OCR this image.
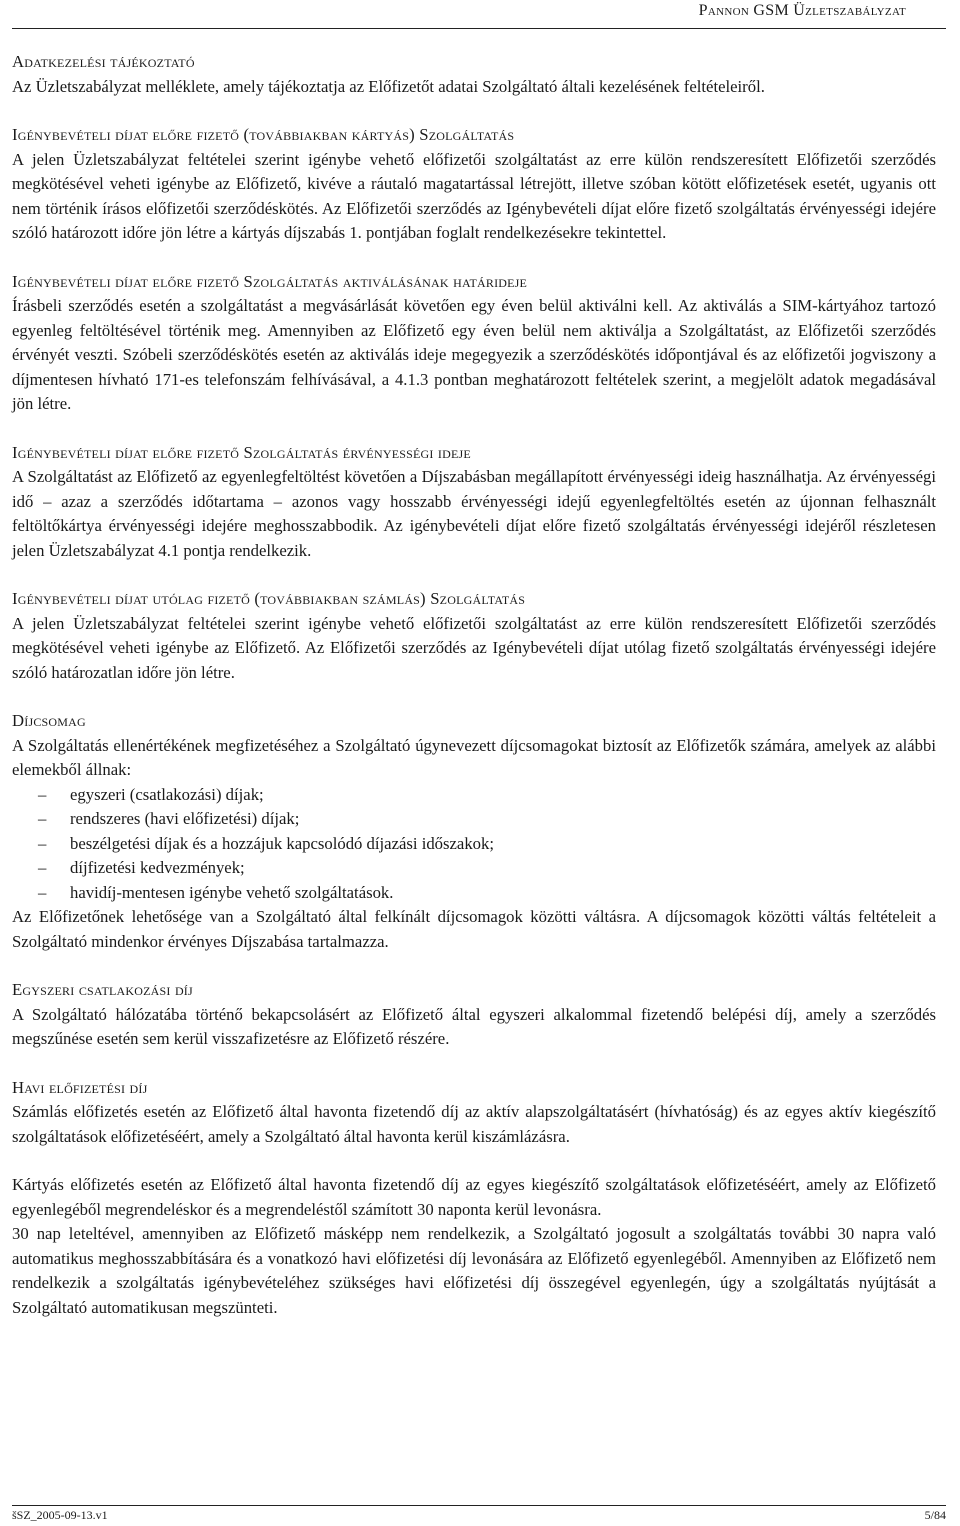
Pannon GSM Üzletszabályzat
Adatkezelési tájékoztató
Az Üzletszabályzat melléklete, amely tájékoztatja az Előfizetőt adatai Szolgáltató általi kezelésének feltételeiről.
Igénybevételi díjat előre fizető (továbbiakban kártyás) Szolgáltatás
A jelen Üzletszabályzat feltételei szerint igénybe vehető előfizetői szolgáltatást az erre külön rendszeresített Előfizetői szerződés megkötésével veheti igénybe az Előfizető, kivéve a ráutaló magatartással létrejött, illetve szóban kötött előfizetések esetét, ugyanis ott nem történik írásos előfizetői szerződéskötés. Az Előfizetői szerződés az Igénybevételi díjat előre fizető szolgáltatás érvényességi idejére szóló határozott időre jön létre a kártyás díjszabás 1. pontjában foglalt rendelkezésekre tekintettel.
Igénybevételi díjat előre fizető Szolgáltatás aktiválásának határideje
Írásbeli szerződés esetén a szolgáltatást a megvásárlását követően egy éven belül aktiválni kell. Az aktiválás a SIM-kártyához tartozó egyenleg feltöltésével történik meg. Amennyiben az Előfizető egy éven belül nem aktiválja a Szolgáltatást, az Előfizetői szerződés érvényét veszti. Szóbeli szerződéskötés esetén az aktiválás ideje megegyezik a szerződéskötés időpontjával és az előfizetői jogviszony a díjmentesen hívható 171-es telefonszám felhívásával, a 4.1.3 pontban meghatározott feltételek szerint, a megjelölt adatok megadásával jön létre.
Igénybevételi díjat előre fizető Szolgáltatás érvényességi ideje
A Szolgáltatást az Előfizető az egyenlegfeltöltést követően a Díjszabásban megállapított érvényességi ideig használhatja. Az érvényességi idő – azaz a szerződés időtartama – azonos vagy hosszabb érvényességi idejű egyenlegfeltöltés esetén az újonnan felhasznált feltöltőkártya érvényességi idejére meghosszabbodik. Az igénybevételi díjat előre fizető szolgáltatás érvényességi idejéről részletesen jelen Üzletszabályzat 4.1 pontja rendelkezik.
Igénybevételi díjat utólag fizető (továbbiakban számlás) Szolgáltatás
A jelen Üzletszabályzat feltételei szerint igénybe vehető előfizetői szolgáltatást az erre külön rendszeresített Előfizetői szerződés megkötésével veheti igénybe az Előfizető. Az Előfizetői szerződés az Igénybevételi díjat utólag fizető szolgáltatás érvényességi idejére szóló határozatlan időre jön létre.
Díjcsomag
A Szolgáltatás ellenértékének megfizetéséhez a Szolgáltató úgynevezett díjcsomagokat biztosít az Előfizetők számára, amelyek az alábbi elemekből állnak:
– egyszeri (csatlakozási) díjak;
– rendszeres (havi előfizetési) díjak;
– beszélgetési díjak és a hozzájuk kapcsolódó díjazási időszakok;
– díjfizetési kedvezmények;
– havidíj-mentesen igénybe vehető szolgáltatások.
Az Előfizetőnek lehetősége van a Szolgáltató által felkínált díjcsomagok közötti váltásra. A díjcsomagok közötti váltás feltételeit a Szolgáltató mindenkor érvényes Díjszabása tartalmazza.
Egyszeri csatlakozási díj
A Szolgáltató hálózatába történő bekapcsolásért az Előfizető által egyszeri alkalommal fizetendő belépési díj, amely a szerződés megszűnése esetén sem kerül visszafizetésre az Előfizető részére.
Havi előfizetési díj
Számlás előfizetés esetén az Előfizető által havonta fizetendő díj az aktív alapszolgáltatásért (hívhatóság) és az egyes aktív kiegészítő szolgáltatások előfizetéséért, amely a Szolgáltató által havonta kerül kiszámlázásra.
Kártyás előfizetés esetén az Előfizető által havonta fizetendő díj az egyes kiegészítő szolgáltatások előfizetéséért, amely az Előfizető egyenlegéből megrendeléskor és a megrendeléstől számított 30 naponta kerül levonásra.
30 nap leteltével, amennyiben az Előfizető másképp nem rendelkezik, a Szolgáltató jogosult a szolgáltatás további 30 napra való automatikus meghosszabbítására és a vonatkozó havi előfizetési díj levonására az Előfizető egyenlegéből. Amennyiben az Előfizető nem rendelkezik a szolgáltatás igénybevételéhez szükséges havi előfizetési díj összegével egyenlegén, úgy a szolgáltatás nyújtását a Szolgáltató automatikusan megszünteti.
šSZ_2005-09-13.v1	5/84
